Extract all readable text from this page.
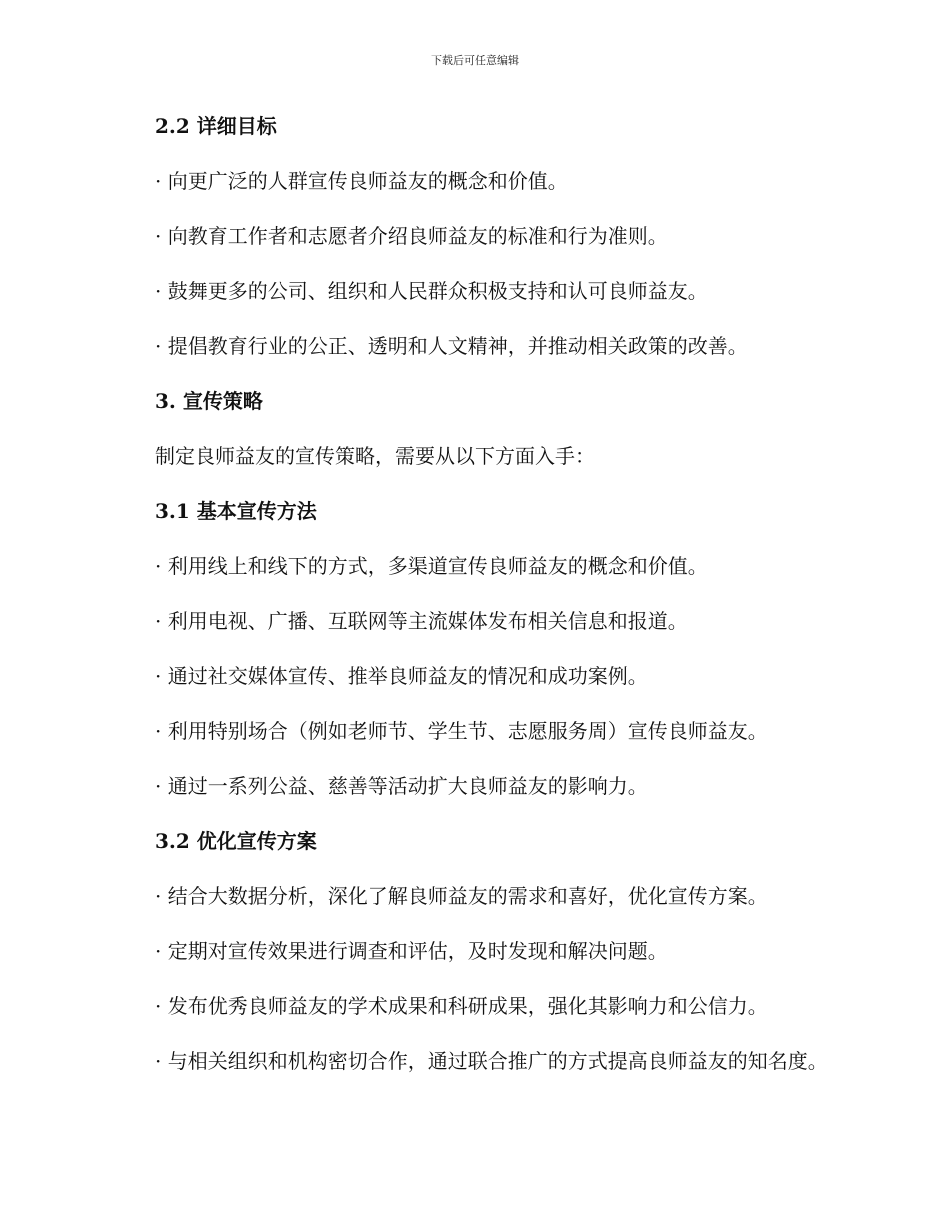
下载后可任意编辑
2.2 详细目标
· 向更广泛的人群宣传良师益友的概念和价值。
· 向教育工作者和志愿者介绍良师益友的标准和行为准则。
· 鼓舞更多的公司、组织和人民群众积极支持和认可良师益友。
· 提倡教育行业的公正、透明和人文精神，并推动相关政策的改善。
3. 宣传策略
制定良师益友的宣传策略，需要从以下方面入手：
3.1 基本宣传方法
· 利用线上和线下的方式，多渠道宣传良师益友的概念和价值。
· 利用电视、广播、互联网等主流媒体发布相关信息和报道。
· 通过社交媒体宣传、推举良师益友的情况和成功案例。
· 利用特别场合（例如老师节、学生节、志愿服务周）宣传良师益友。
· 通过一系列公益、慈善等活动扩大良师益友的影响力。
3.2 优化宣传方案
· 结合大数据分析，深化了解良师益友的需求和喜好，优化宣传方案。
· 定期对宣传效果进行调查和评估，及时发现和解决问题。
· 发布优秀良师益友的学术成果和科研成果，强化其影响力和公信力。
· 与相关组织和机构密切合作，通过联合推广的方式提高良师益友的知名度。
